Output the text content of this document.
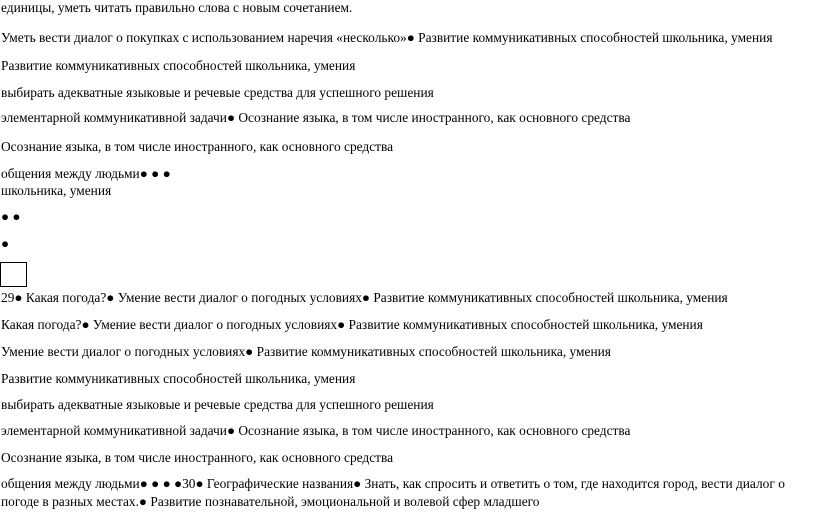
единицы, уметь читать правильно слова с новым сочетанием.
Уметь вести диалог о покупках с использованием наречия «несколько»● Развитие коммуникативных способностей школьника, умения
Развитие коммуникативных способностей школьника, умения
выбирать адекватные языковые и речевые средства для успешного решения
элементарной коммуникативной задачи● Осознание языка, в том числе иностранного, как основного средства
Осознание языка, в том числе иностранного, как основного средства
общения между людьми● ● ●
школьника, умения
● ●
●
29● Какая погода?● Умение вести диалог о погодных условиях● Развитие коммуникативных способностей школьника, умения
Какая погода?● Умение вести диалог о погодных условиях● Развитие коммуникативных способностей школьника, умения
Умение вести диалог о погодных условиях● Развитие коммуникативных способностей школьника, умения
Развитие коммуникативных способностей школьника, умения
выбирать адекватные языковые и речевые средства для успешного решения
элементарной коммуникативной задачи● Осознание языка, в том числе иностранного, как основного средства
Осознание языка, в том числе иностранного, как основного средства
общения между людьми● ● ● ●30● Географические названия● Знать, как спросить и ответить о том, где находится город, вести диалог о
погоде в разных местах.● Развитие познавательной, эмоциональной и волевой сфер младшего
